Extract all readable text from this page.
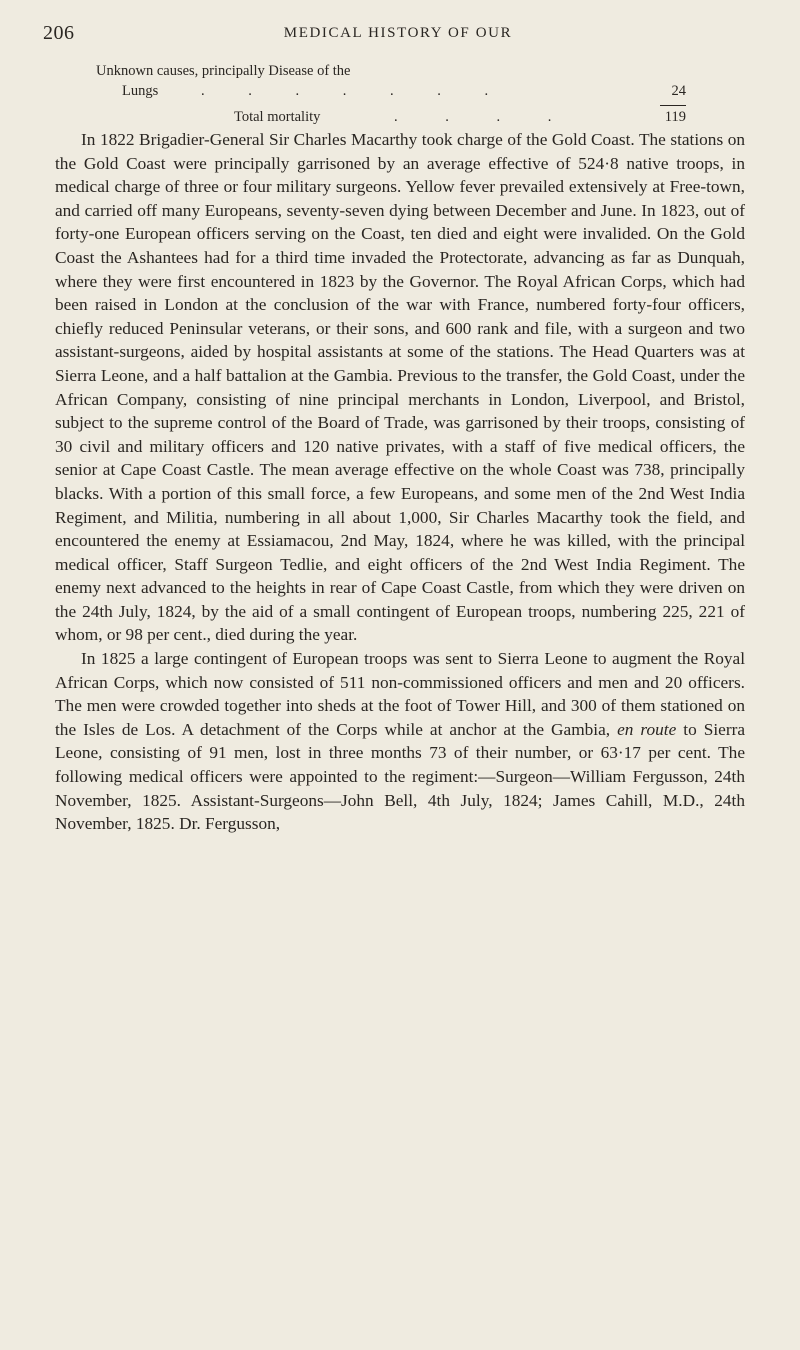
206	MEDICAL HISTORY OF OUR
Unknown causes, principally Disease of the
Lungs	. . . . . . .	24
Total mortality	. . . .	119

In 1822 Brigadier-General Sir Charles Macarthy took charge of the Gold Coast. The stations on the Gold Coast were principally garrisoned by an average effective of 524·8 native troops, in medical charge of three or four military surgeons. Yellow fever prevailed extensively at Free-town, and carried off many Europeans, seventy-seven dying between December and June. In 1823, out of forty-one European officers serving on the Coast, ten died and eight were invalided. On the Gold Coast the Ashantees had for a third time invaded the Protectorate, advancing as far as Dunquah, where they were first encountered in 1823 by the Governor. The Royal African Corps, which had been raised in London at the conclusion of the war with France, numbered forty-four officers, chiefly reduced Peninsular veterans, or their sons, and 600 rank and file, with a surgeon and two assistant-surgeons, aided by hospital assistants at some of the stations. The Head Quarters was at Sierra Leone, and a half battalion at the Gambia. Previous to the transfer, the Gold Coast, under the African Company, consisting of nine principal merchants in London, Liverpool, and Bristol, subject to the supreme control of the Board of Trade, was garrisoned by their troops, consisting of 30 civil and military officers and 120 native privates, with a staff of five medical officers, the senior at Cape Coast Castle. The mean average effective on the whole Coast was 738, principally blacks. With a portion of this small force, a few Europeans, and some men of the 2nd West India Regiment, and Militia, numbering in all about 1,000, Sir Charles Macarthy took the field, and encountered the enemy at Essiamacou, 2nd May, 1824, where he was killed, with the principal medical officer, Staff Surgeon Tedlie, and eight officers of the 2nd West India Regiment. The enemy next advanced to the heights in rear of Cape Coast Castle, from which they were driven on the 24th July, 1824, by the aid of a small contingent of European troops, numbering 225, 221 of whom, or 98 per cent., died during the year.

In 1825 a large contingent of European troops was sent to Sierra Leone to augment the Royal African Corps, which now consisted of 511 non-commissioned officers and men and 20 officers. The men were crowded together into sheds at the foot of Tower Hill, and 300 of them stationed on the Isles de Los. A detachment of the Corps while at anchor at the Gambia, en route to Sierra Leone, consisting of 91 men, lost in three months 73 of their number, or 63·17 per cent. The following medical officers were appointed to the regiment:—Surgeon—William Fergusson, 24th November, 1825. Assistant-Surgeons—John Bell, 4th July, 1824; James Cahill, M.D., 24th November, 1825. Dr. Fergusson,
